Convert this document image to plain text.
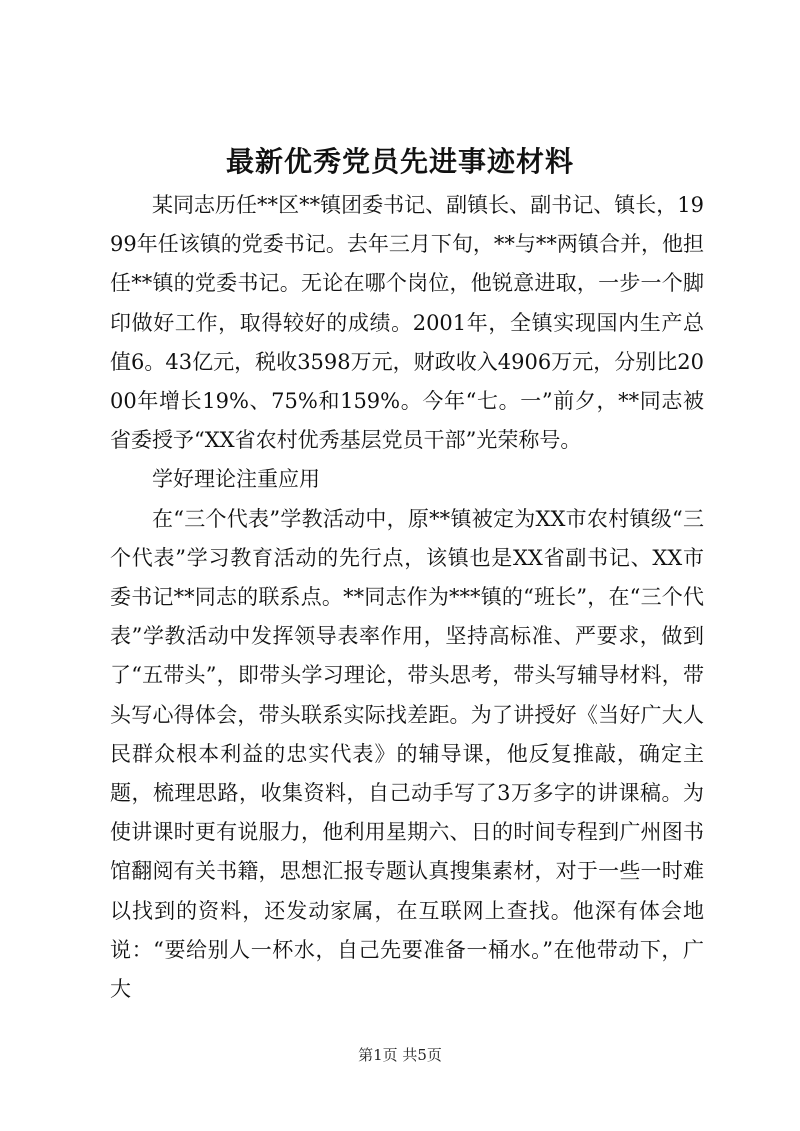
最新优秀党员先进事迹材料

某同志历任**区**镇团委书记、副镇长、副书记、镇长，1999年任该镇的党委书记。去年三月下旬，**与**两镇合并，他担任**镇的党委书记。无论在哪个岗位，他锐意进取，一步一个脚印做好工作，取得较好的成绩。2001年，全镇实现国内生产总值6。43亿元，税收3598万元，财政收入4906万元，分别比2000年增长19%、75%和159%。今年“七。一”前夕，**同志被省委授予“XX省农村优秀基层党员干部”光荣称号。

学好理论注重应用

在“三个代表”学教活动中，原**镇被定为XX市农村镇级“三个代表”学习教育活动的先行点，该镇也是XX省副书记、XX市委书记**同志的联系点。**同志作为***镇的“班长”，在“三个代表”学教活动中发挥领导表率作用，坚持高标准、严要求，做到了“五带头”，即带头学习理论，带头思考，带头写辅导材料，带头写心得体会，带头联系实际找差距。为了讲授好《当好广大人民群众根本利益的忠实代表》的辅导课，他反复推敲，确定主题，梳理思路，收集资料，自己动手写了3万多字的讲课稿。为使讲课时更有说服力，他利用星期六、日的时间专程到广州图书馆翻阅有关书籍，思想汇报专题认真搜集素材，对于一些一时难以找到的资料，还发动家属，在互联网上查找。他深有体会地说：“要给别人一杯水，自己先要准备一桶水。”在他带动下，广大

第1页 共5页
